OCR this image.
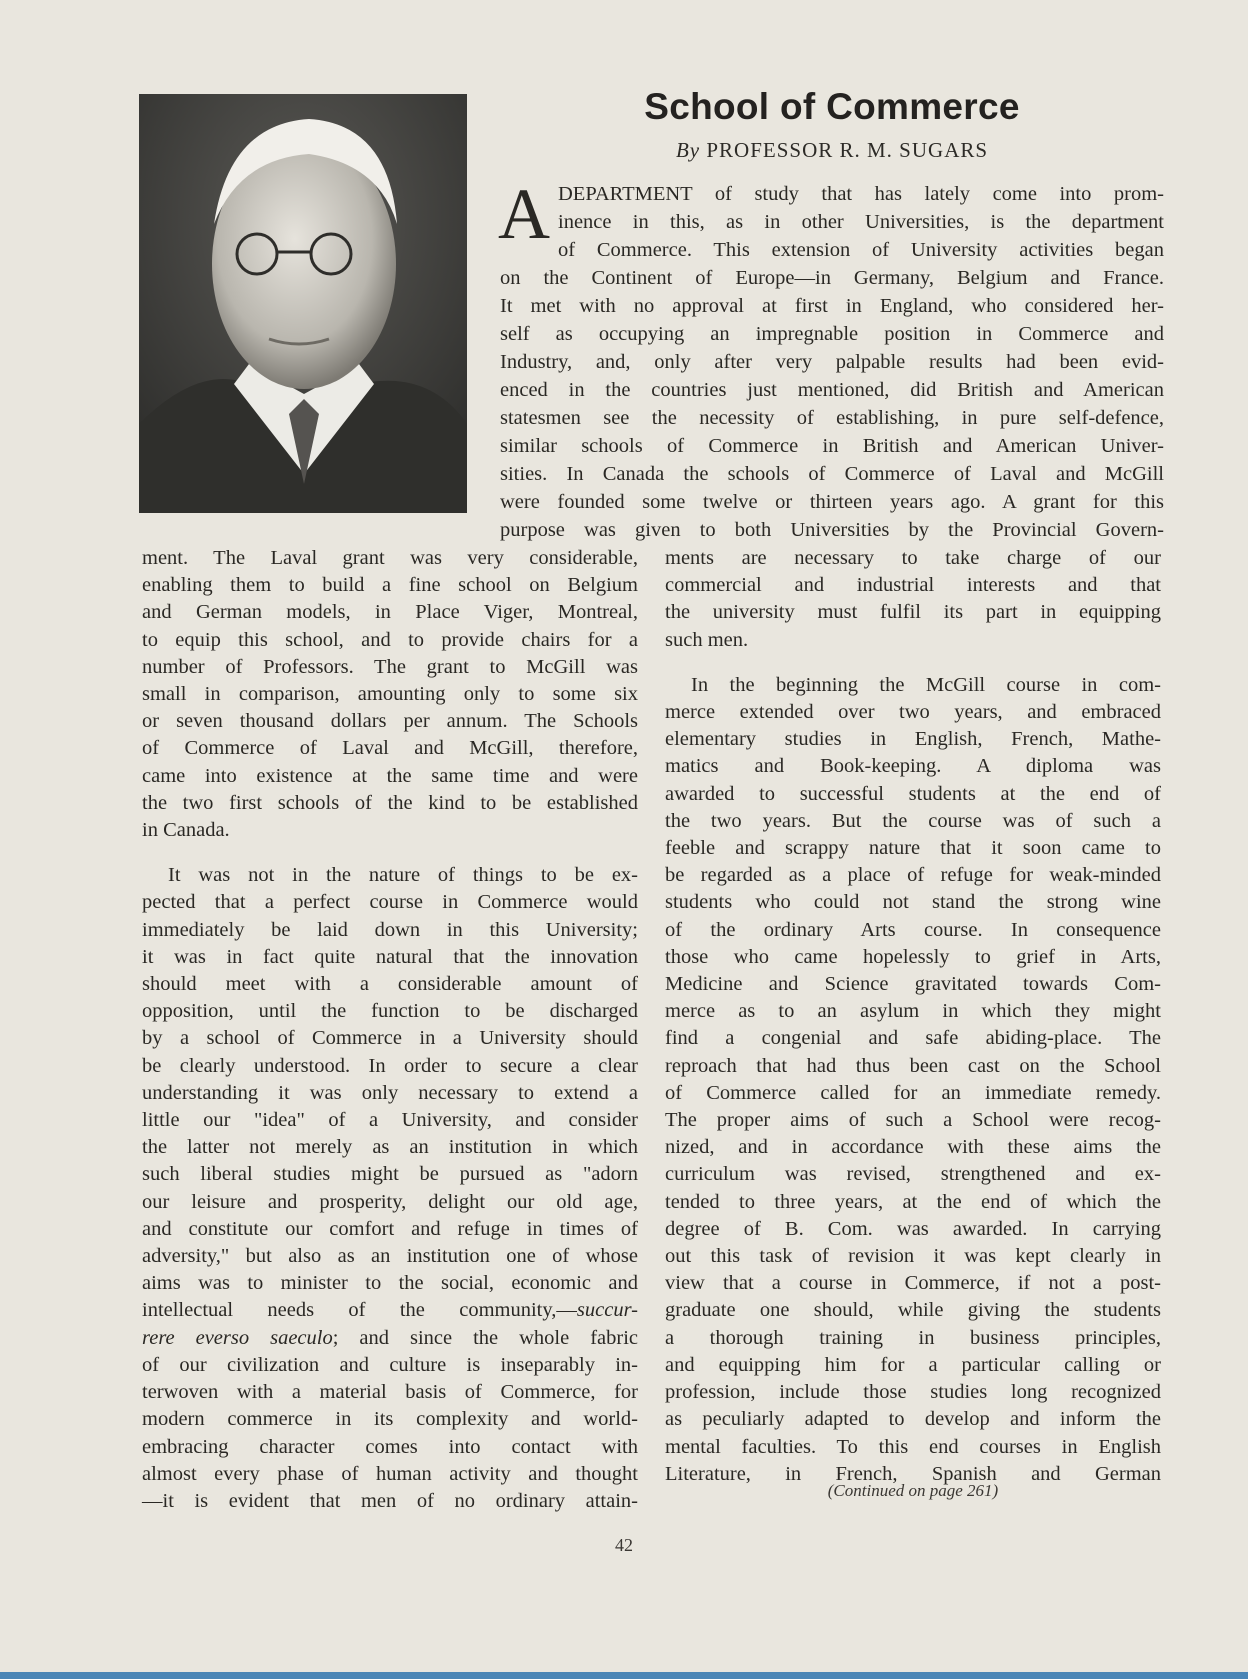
School of Commerce
By PROFESSOR R. M. SUGARS
A DEPARTMENT of study that has lately come into prom-
inence in this, as in other Universities, is the department
of Commerce. This extension of University activities began
on the Continent of Europe—in Germany, Belgium and France.
It met with no approval at first in England, who considered her-
self as occupying an impregnable position in Commerce and
Industry, and, only after very palpable results had been evid-
enced in the countries just mentioned, did British and American
statesmen see the necessity of establishing, in pure self-defence,
similar schools of Commerce in British and American Univer-
sities. In Canada the schools of Commerce of Laval and McGill
were founded some twelve or thirteen years ago. A grant for this
purpose was given to both Universities by the Provincial Govern-

ment. The Laval grant was very considerable,
enabling them to build a fine school on Belgium
and German models, in Place Viger, Montreal,
to equip this school, and to provide chairs for a
number of Professors. The grant to McGill was
small in comparison, amounting only to some six
or seven thousand dollars per annum. The Schools
of Commerce of Laval and McGill, therefore,
came into existence at the same time and were
the two first schools of the kind to be established
in Canada.

It was not in the nature of things to be ex-
pected that a perfect course in Commerce would
immediately be laid down in this University;
it was in fact quite natural that the innovation
should meet with a considerable amount of
opposition, until the function to be discharged
by a school of Commerce in a University should
be clearly understood. In order to secure a clear
understanding it was only necessary to extend a
little our "idea" of a University, and consider
the latter not merely as an institution in which
such liberal studies might be pursued as "adorn
our leisure and prosperity, delight our old age,
and constitute our comfort and refuge in times of
adversity," but also as an institution one of whose
aims was to minister to the social, economic and
intellectual needs of the community,—succur-
rere everso saeculo; and since the whole fabric
of our civilization and culture is inseparably in-
terwoven with a material basis of Commerce, for
modern commerce in its complexity and world-
embracing character comes into contact with
almost every phase of human activity and thought
—it is evident that men of no ordinary attain-

ments are necessary to take charge of our
commercial and industrial interests and that
the university must fulfil its part in equipping
such men.

In the beginning the McGill course in com-
merce extended over two years, and embraced
elementary studies in English, French, Mathe-
matics and Book-keeping. A diploma was
awarded to successful students at the end of
the two years. But the course was of such a
feeble and scrappy nature that it soon came to
be regarded as a place of refuge for weak-minded
students who could not stand the strong wine
of the ordinary Arts course. In consequence
those who came hopelessly to grief in Arts,
Medicine and Science gravitated towards Com-
merce as to an asylum in which they might
find a congenial and safe abiding-place. The
reproach that had thus been cast on the School
of Commerce called for an immediate remedy.
The proper aims of such a School were recog-
nized, and in accordance with these aims the
curriculum was revised, strengthened and ex-
tended to three years, at the end of which the
degree of B. Com. was awarded. In carrying
out this task of revision it was kept clearly in
view that a course in Commerce, if not a post-
graduate one should, while giving the students
a thorough training in business principles,
and equipping him for a particular calling or
profession, include those studies long recognized
as peculiarly adapted to develop and inform the
mental faculties. To this end courses in English
Literature, in French, Spanish and German

(Continued on page 261)
42
